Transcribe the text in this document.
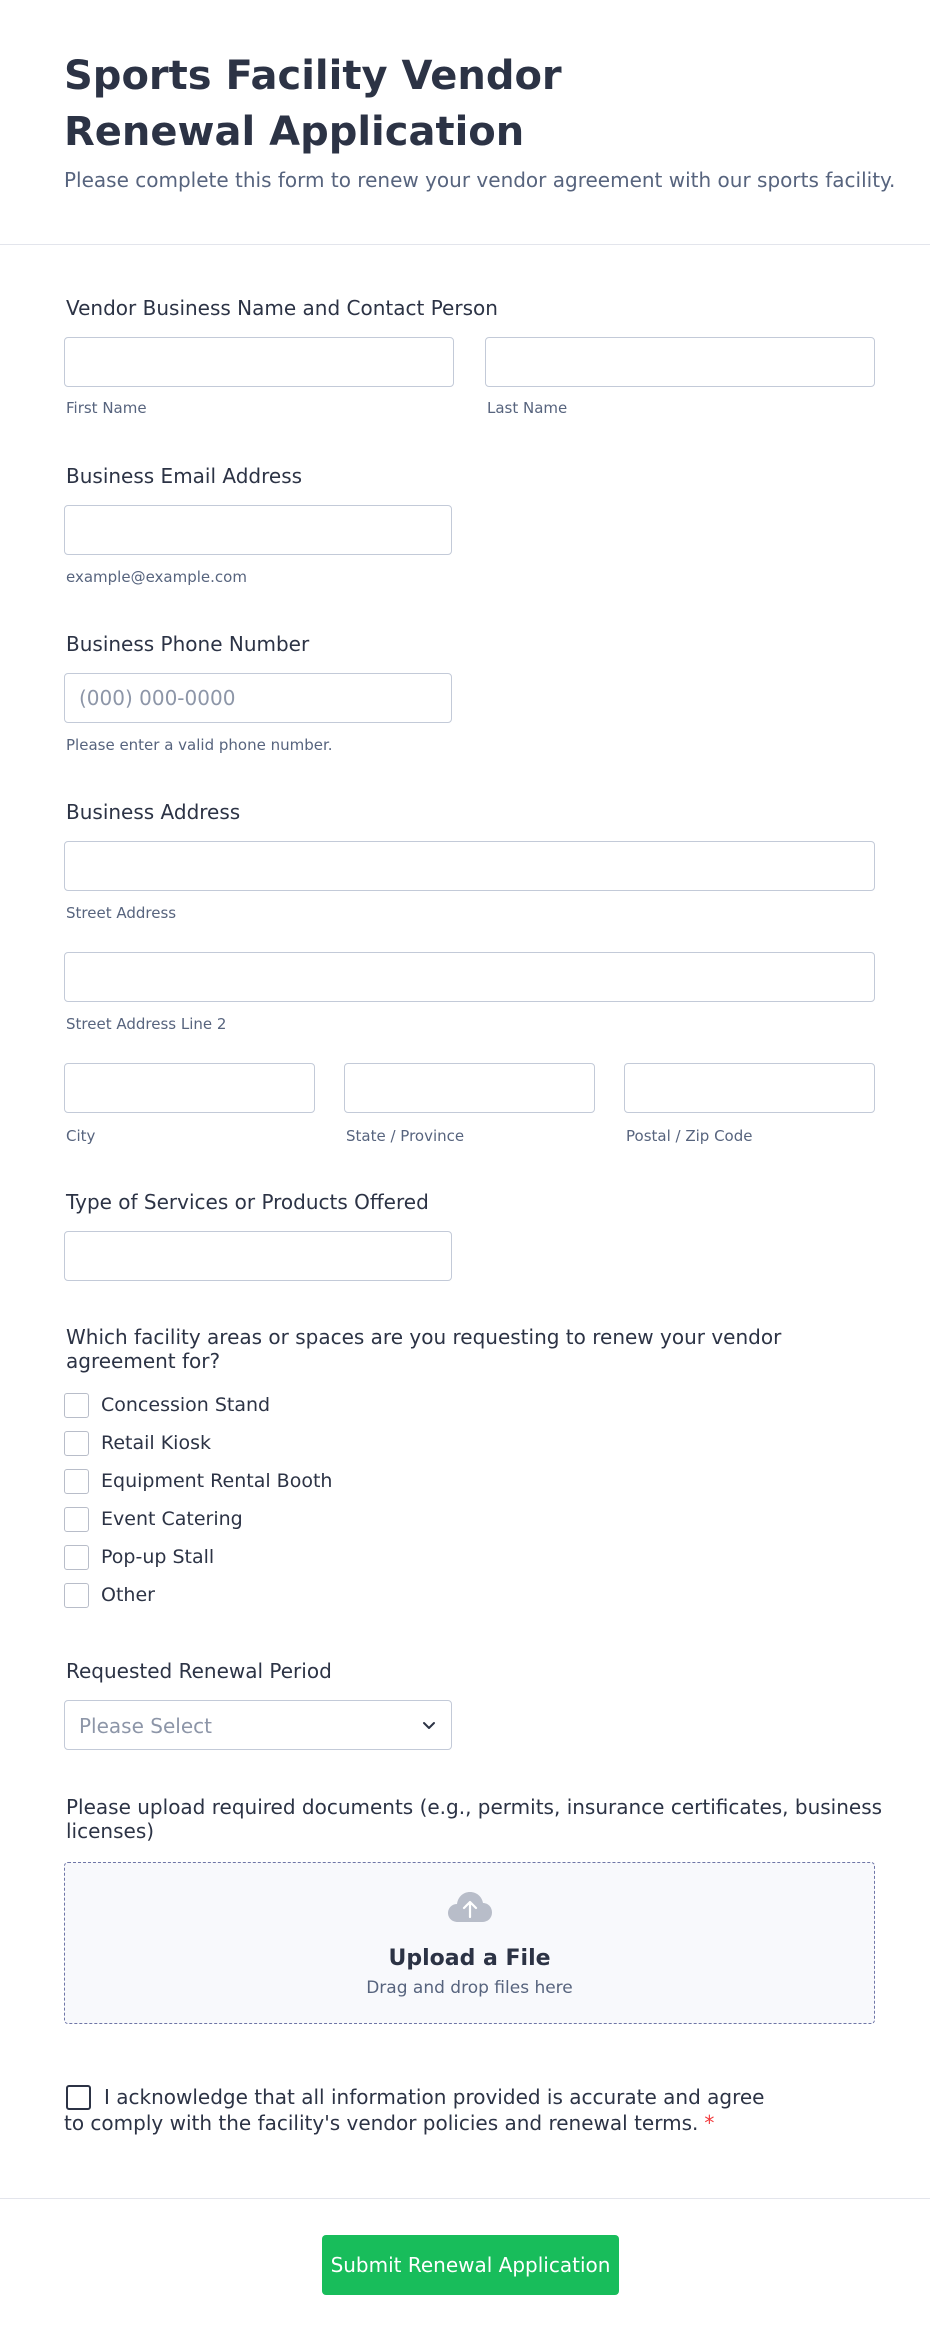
Sports Facility Vendor Renewal Application
Please complete this form to renew your vendor agreement with our sports facility.
Vendor Business Name and Contact Person
First Name	Last Name
Business Email Address
example@example.com
Business Phone Number
(000) 000-0000
Please enter a valid phone number.
Business Address
Street Address
Street Address Line 2
City	State / Province	Postal / Zip Code
Type of Services or Products Offered
Which facility areas or spaces are you requesting to renew your vendor agreement for?
Concession Stand
Retail Kiosk
Equipment Rental Booth
Event Catering
Pop-up Stall
Other
Requested Renewal Period
Please Select
Please upload required documents (e.g., permits, insurance certificates, business licenses)
Upload a File
Drag and drop files here
I acknowledge that all information provided is accurate and agree to comply with the facility's vendor policies and renewal terms. *
Submit Renewal Application
